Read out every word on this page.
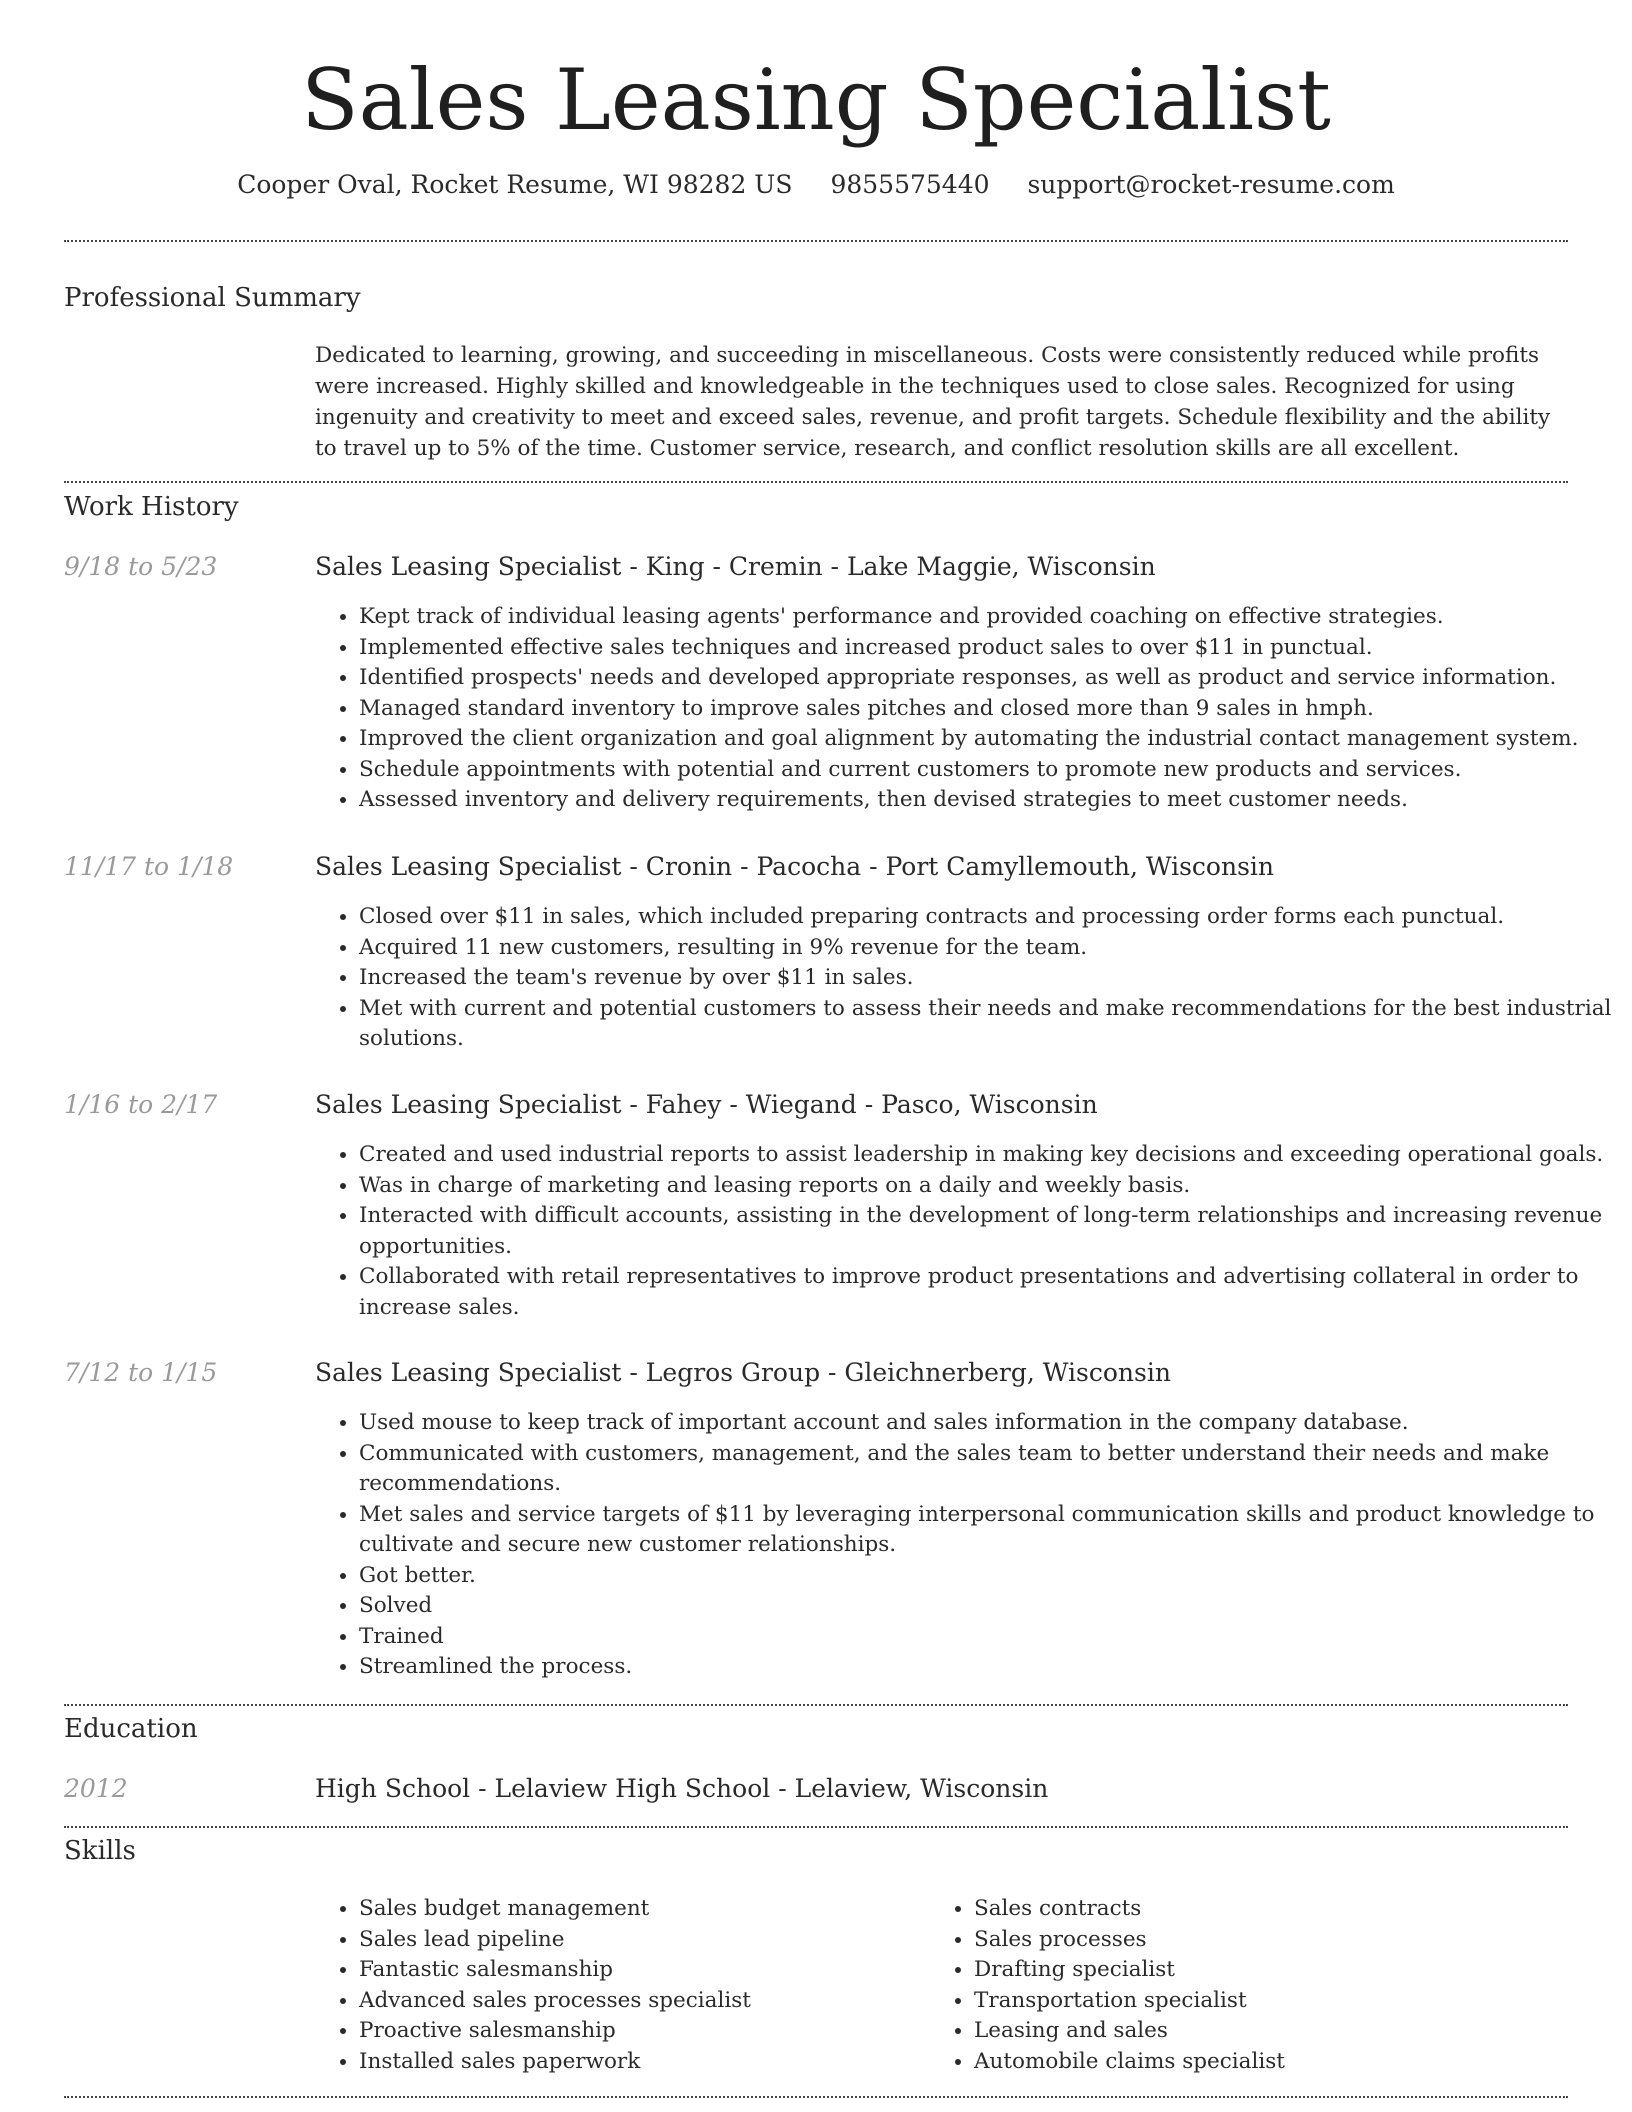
Sales Leasing Specialist
Cooper Oval, Rocket Resume, WI 98282 US 9855575440 support@rocket-resume.com
Professional Summary

Dedicated to learning, growing, and succeeding in miscellaneous. Costs were consistently reduced while profits were increased. Highly skilled and knowledgeable in the techniques used to close sales. Recognized for using ingenuity and creativity to meet and exceed sales, revenue, and profit targets. Schedule flexibility and the ability to travel up to 5% of the time. Customer service, research, and conflict resolution skills are all excellent.

Work History
9/18 to 5/23	Sales Leasing Specialist - King - Cremin - Lake Maggie, Wisconsin
• Kept track of individual leasing agents' performance and provided coaching on effective strategies.
• Implemented effective sales techniques and increased product sales to over $11 in punctual.
• Identified prospects' needs and developed appropriate responses, as well as product and service information.
• Managed standard inventory to improve sales pitches and closed more than 9 sales in hmph.
• Improved the client organization and goal alignment by automating the industrial contact management system.
• Schedule appointments with potential and current customers to promote new products and services.
• Assessed inventory and delivery requirements, then devised strategies to meet customer needs.
11/17 to 1/18	Sales Leasing Specialist - Cronin - Pacocha - Port Camyllemouth, Wisconsin
• Closed over $11 in sales, which included preparing contracts and processing order forms each punctual.
• Acquired 11 new customers, resulting in 9% revenue for the team.
• Increased the team's revenue by over $11 in sales.
• Met with current and potential customers to assess their needs and make recommendations for the best industrial solutions.
1/16 to 2/17	Sales Leasing Specialist - Fahey - Wiegand - Pasco, Wisconsin
• Created and used industrial reports to assist leadership in making key decisions and exceeding operational goals.
• Was in charge of marketing and leasing reports on a daily and weekly basis.
• Interacted with difficult accounts, assisting in the development of long-term relationships and increasing revenue opportunities.
• Collaborated with retail representatives to improve product presentations and advertising collateral in order to increase sales.
7/12 to 1/15	Sales Leasing Specialist - Legros Group - Gleichnerberg, Wisconsin
• Used mouse to keep track of important account and sales information in the company database.
• Communicated with customers, management, and the sales team to better understand their needs and make recommendations.
• Met sales and service targets of $11 by leveraging interpersonal communication skills and product knowledge to cultivate and secure new customer relationships.
• Got better.
• Solved
• Trained
• Streamlined the process.
Education
2012	High School - Lelaview High School - Lelaview, Wisconsin
Skills
• Sales budget management
• Sales lead pipeline
• Fantastic salesmanship
• Advanced sales processes specialist
• Proactive salesmanship
• Installed sales paperwork
• Sales contracts
• Sales processes
• Drafting specialist
• Transportation specialist
• Leasing and sales
• Automobile claims specialist
